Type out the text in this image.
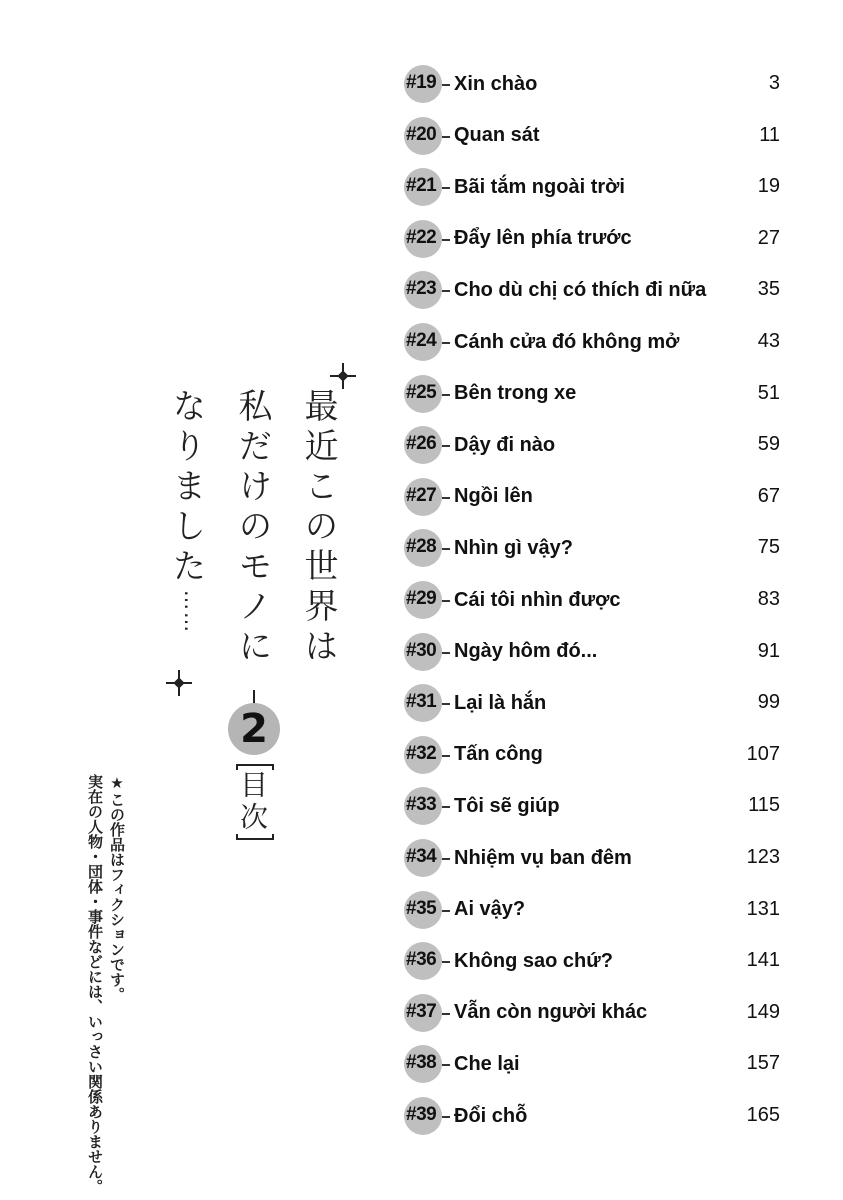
最近この世界は
私だけのモノに
なりました
……
2
目次
★この作品はフィクションです。
実在の人物・団体・事件などには、いっさい関係ありません。
#19 Xin chào	3
#20 Quan sát	11
#21 Bãi tắm ngoài trời	19
#22 Đẩy lên phía trước	27
#23 Cho dù chị có thích đi nữa	35
#24 Cánh cửa đó không mở	43
#25 Bên trong xe	51
#26 Dậy đi nào	59
#27 Ngồi lên	67
#28 Nhìn gì vậy?	75
#29 Cái tôi nhìn được	83
#30 Ngày hôm đó...	91
#31 Lại là hắn	99
#32 Tấn công	107
#33 Tôi sẽ giúp	115
#34 Nhiệm vụ ban đêm	123
#35 Ai vậy?	131
#36 Không sao chứ?	141
#37 Vẫn còn người khác	149
#38 Che lại	157
#39 Đổi chỗ	165
